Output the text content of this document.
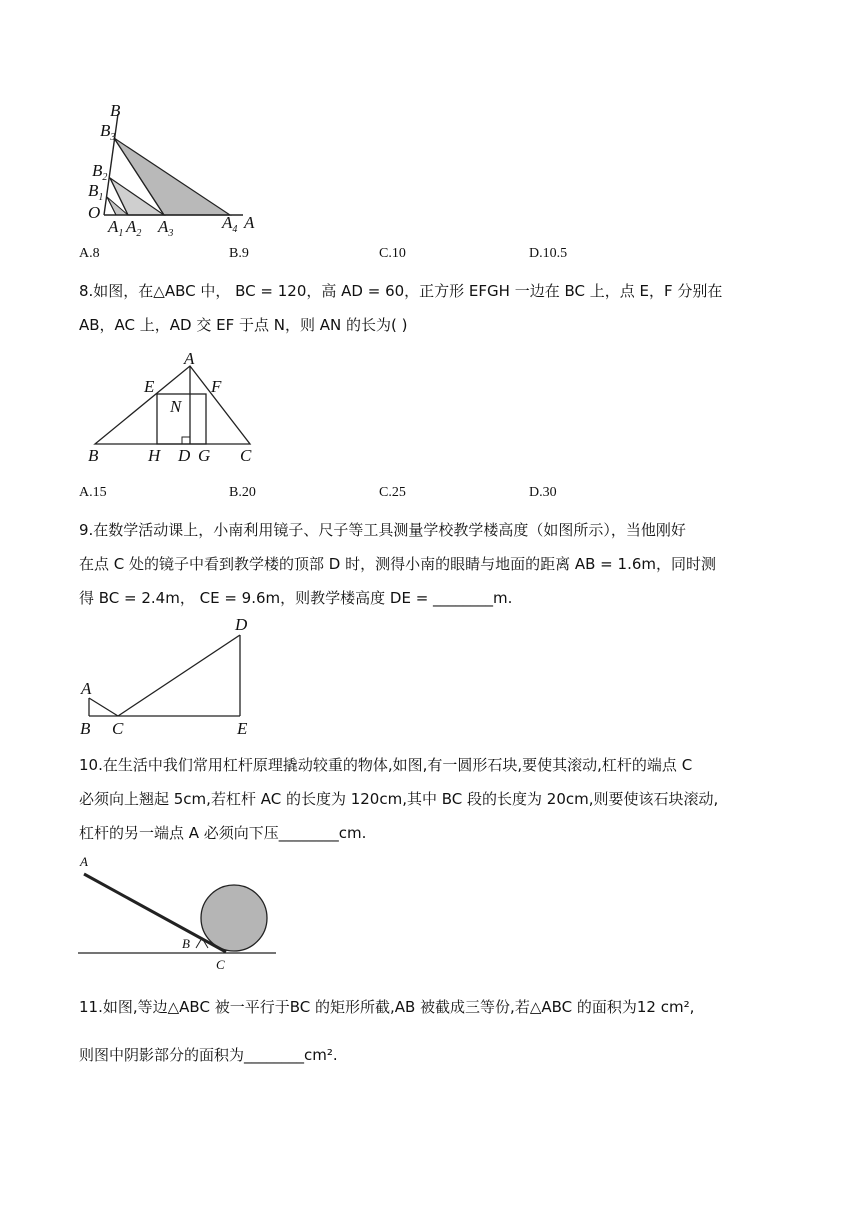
B
$B_3$
$B_2$
$B_1$
O
$A_1$ $A_2$ $A_3$
$A_4$ A
A.8	B.9	C.10	D.10.5
8.如图，在△ABC 中， BC = 120，高 AD = 60，正方形 EFGH 一边在 BC 上，点 E，F 分别在
AB，AC 上，AD 交 EF 于点 N，则 AN 的长为( )
A
E	F
N
B	H D G C
A.15	B.20	C.25	D.30
9.在数学活动课上，小南利用镜子、尺子等工具测量学校教学楼高度（如图所示），当他刚好
在点 C 处的镜子中看到教学楼的顶部 D 时，测得小南的眼睛与地面的距离 AB = 1.6m，同时测
得 BC = 2.4m， CE = 9.6m，则教学楼高度 DE = ________m.
D
A
B C	E
10.在生活中我们常用杠杆原理撬动较重的物体,如图,有一圆形石块,要使其滚动,杠杆的端点 C
必须向上翘起 5cm,若杠杆 AC 的长度为 120cm,其中 BC 段的长度为 20cm,则要使该石块滚动,
杠杆的另一端点 A 必须向下压________cm.
A
B
C
11.如图,等边△ABC 被一平行于BC 的矩形所截,AB 被截成三等份,若△ABC 的面积为12 cm²,
则图中阴影部分的面积为________cm².
